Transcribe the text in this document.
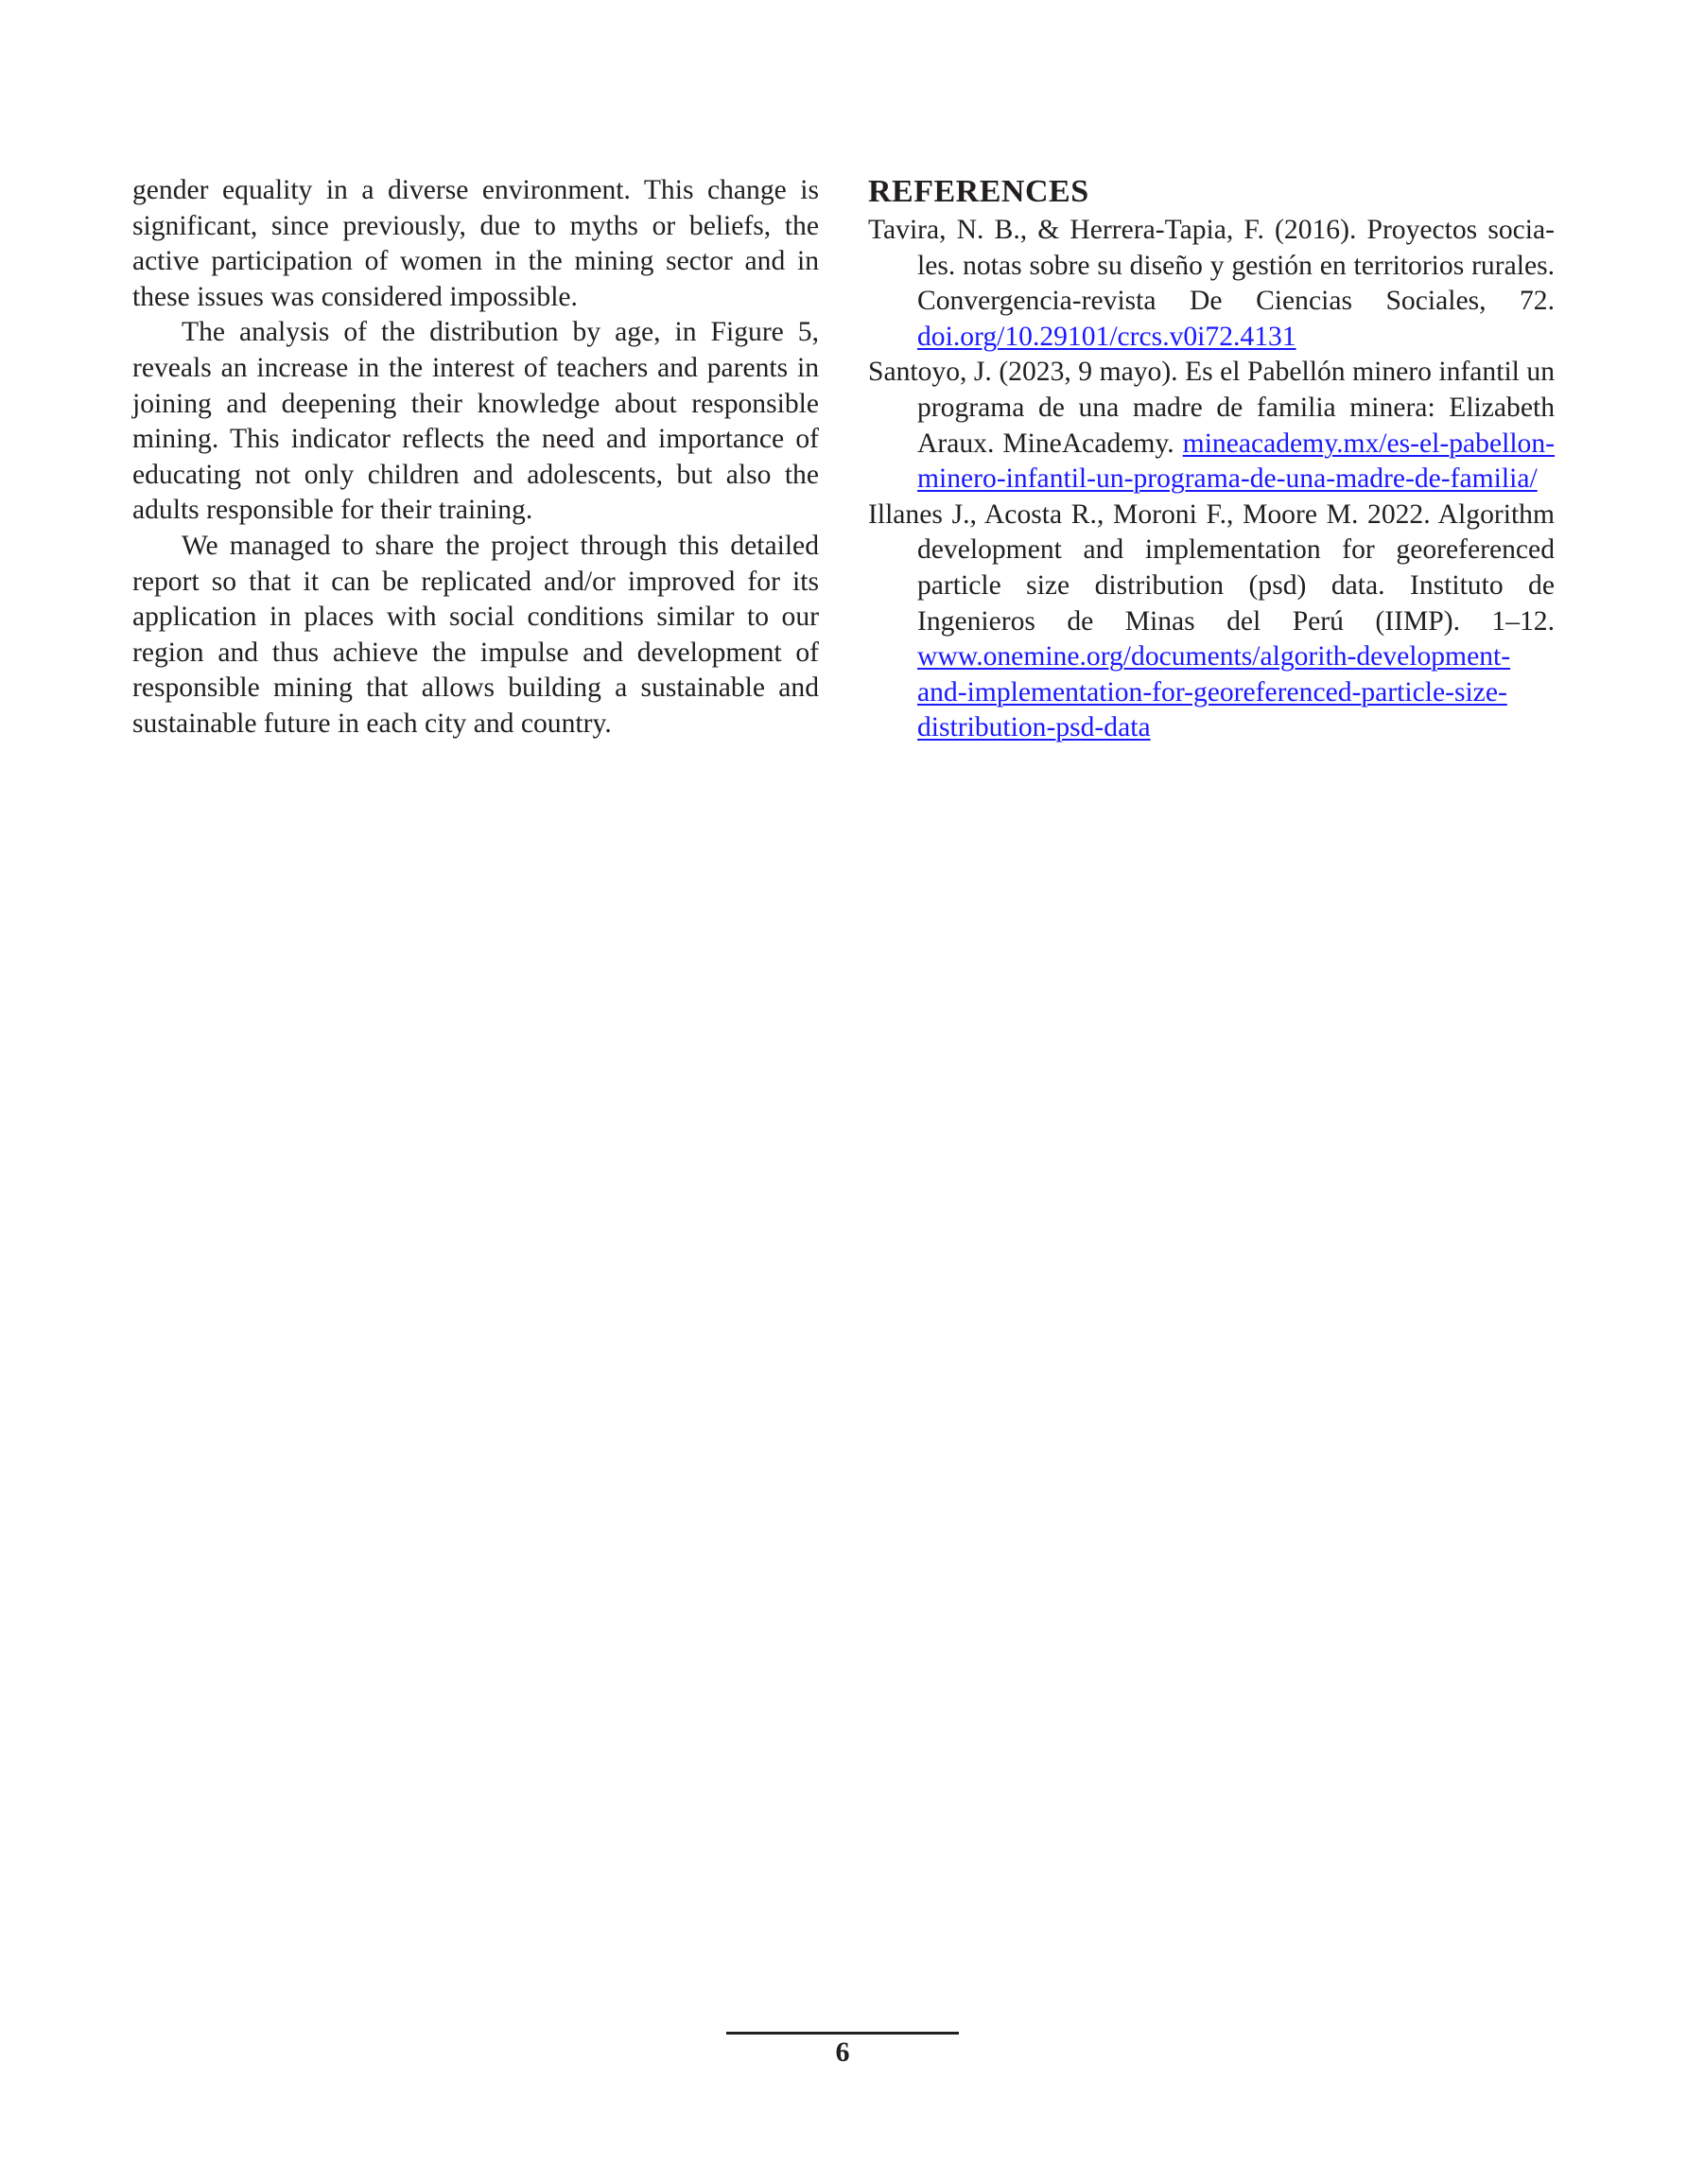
gender equality in a diverse environment. This change is significant, since previously, due to myths or beliefs, the active participation of women in the mining sector and in these issues was considered impossible.

The analysis of the distribution by age, in Figure 5, reveals an increase in the interest of teachers and parents in joining and deepening their knowledge about responsible mining. This indicator reflects the need and importance of educating not only children and adolescents, but also the adults responsible for their training.

We managed to share the project through this detailed report so that it can be replicated and/or improved for its application in places with social conditions similar to our region and thus achieve the impulse and development of responsible mining that allows building a sustainable and sustainable future in each city and country.

REFERENCES

Tavira, N. B., & Herrera-Tapia, F. (2016). Proyectos sociales. notas sobre su diseño y gestión en territorios rurales. Convergencia-revista De Ciencias Sociales, 72. doi.org/10.29101/crcs.v0i72.4131

Santoyo, J. (2023, 9 mayo). Es el Pabellón minero infantil un programa de una madre de familia minera: Elizabeth Araux. MineAcademy. mineacademy.mx/es-el-pabellon-minero-infantil-un-programa-de-una-madre-de-familia/

Illanes J., Acosta R., Moroni F., Moore M. 2022. Algorithm development and implementation for georeferenced particle size distribution (psd) data. Instituto de Ingenieros de Minas del Perú (IIMP). 1–12. www.onemine.org/documents/algorith-development-and-implementation-for-georeferenced-particle-size-distribution-psd-data

6
